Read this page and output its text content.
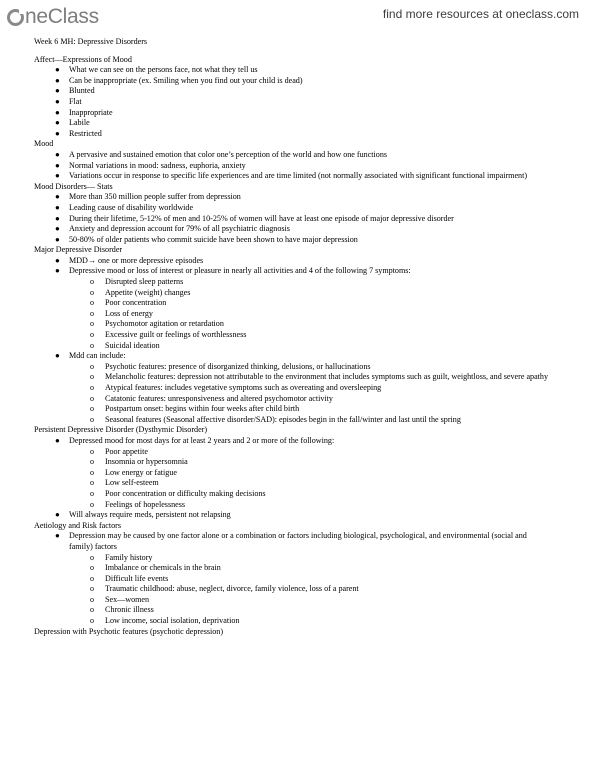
neClass	find more resources at oneclass.com
Week 6 MH: Depressive Disorders
Affect—Expressions of Mood
● What we can see on the persons face, not what they tell us
● Can be inappropriate (ex. Smiling when you find out your child is dead)
● Blunted
● Flat
● Inappropriate
● Labile
● Restricted
Mood
● A pervasive and sustained emotion that color one’s perception of the world and how one functions
● Normal variations in mood: sadness, euphoria, anxiety
● Variations occur in response to specific life experiences and are time limited (not normally associated with significant functional impairment)
Mood Disorders— Stats
● More than 350 million people suffer from depression
● Leading cause of disability worldwide
● During their lifetime, 5-12% of men and 10-25% of women will have at least one episode of major depressive disorder
● Anxiety and depression account for 79% of all psychiatric diagnosis
● 50-80% of older patients who commit suicide have been shown to have major depression
Major Depressive Disorder
● MDD→ one or more depressive episodes
● Depressive mood or loss of interest or pleasure in nearly all activities and 4 of the following 7 symptoms:
o Disrupted sleep patterns
o Appetite (weight) changes
o Poor concentration
o Loss of energy
o Psychomotor agitation or retardation
o Excessive guilt or feelings of worthlessness
o Suicidal ideation
● Mdd can include:
o Psychotic features: presence of disorganized thinking, delusions, or hallucinations
o Melancholic features: depression not attributable to the environment that includes symptoms such as guilt, weightloss, and severe apathy
o Atypical features: includes vegetative symptoms such as overeating and oversleeping
o Catatonic features: unresponsiveness and altered psychomotor activity
o Postpartum onset: begins within four weeks after child birth
o Seasonal features (Seasonal affective disorder/SAD): episodes begin in the fall/winter and last until the spring
Persistent Depressive Disorder (Dysthymic Disorder)
● Depressed mood for most days for at least 2 years and 2 or more of the following:
o Poor appetite
o Insomnia or hypersomnia
o Low energy or fatigue
o Low self-esteem
o Poor concentration or difficulty making decisions
o Feelings of hopelessness
● Will always require meds, persistent not relapsing
Aetiology and Risk factors
● Depression may be caused by one factor alone or a combination or factors including biological, psychological, and environmental (social and family) factors
o Family history
o Imbalance or chemicals in the brain
o Difficult life events
o Traumatic childhood: abuse, neglect, divorce, family violence, loss of a parent
o Sex—women
o Chronic illness
o Low income, social isolation, deprivation
Depression with Psychotic features (psychotic depression)
